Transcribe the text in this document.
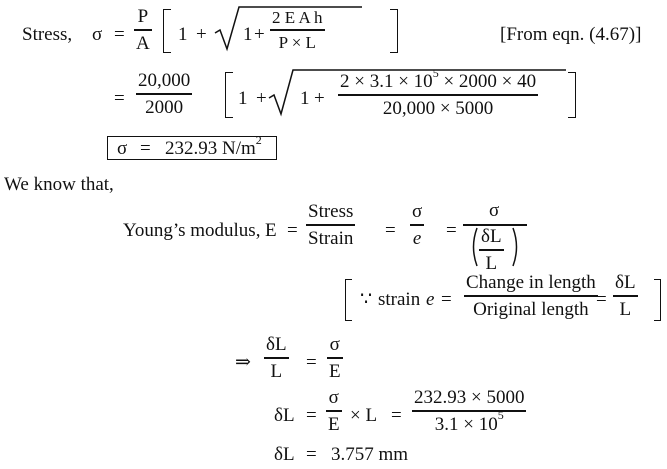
Stress, σ =
P
A 1 + 1 +
2 E A h
P × L	[From eqn. (4.67)]
=
20,000
2000	1 + 1 +
$2 \times 3.1 \times 10^5 \times 2000 \times 40$
20,000 × 5000
σ = 232.93 $N/m^2$
We know that,
Young’s modulus, E =
Stress
Strain =
σ
e =
σ
δL
L
∵ strain e =
Change in length
Original length =
δL
L
⇒
δL
L =
σ
E
δL =
σ
E × L =
232.93 × 5000
$3.1 \times 10^5$
δL = 3.757 mm
